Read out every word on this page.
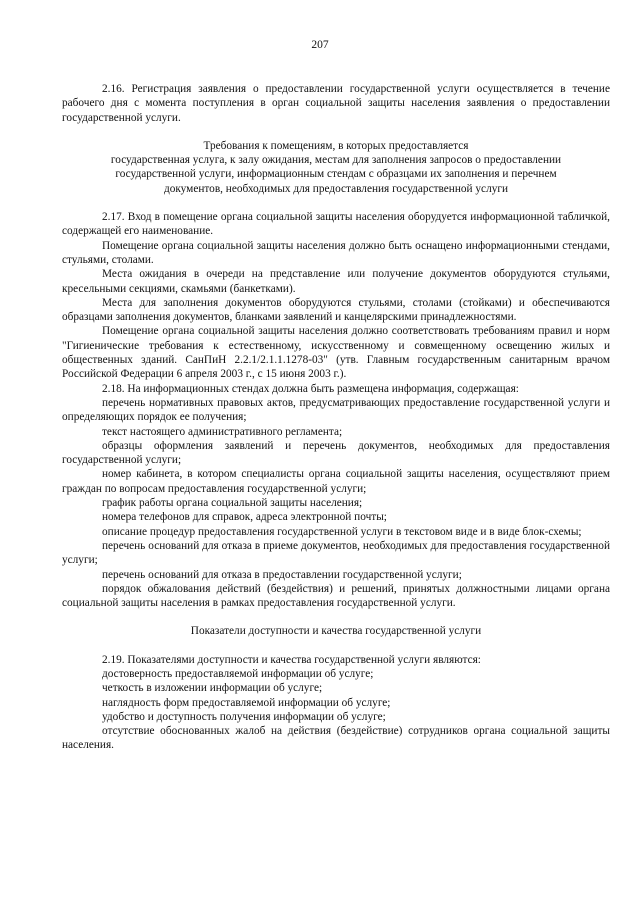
207

2.16. Регистрация заявления о предоставлении государственной услуги осуществляется в течение рабочего дня с момента поступления в орган социальной защиты населения заявления о предоставлении государственной услуги.

Требования к помещениям, в которых предоставляется
государственная услуга, к залу ожидания, местам для заполнения запросов о предоставлении
государственной услуги, информационным стендам с образцами их заполнения и перечнем
документов, необходимых для предоставления государственной услуги

2.17. Вход в помещение органа социальной защиты населения оборудуется информационной табличкой, содержащей его наименование.

Помещение органа социальной защиты населения должно быть оснащено информационными стендами, стульями, столами.

Места ожидания в очереди на представление или получение документов оборудуются стульями, кресельными секциями, скамьями (банкетками).

Места для заполнения документов оборудуются стульями, столами (стойками) и обеспечиваются образцами заполнения документов, бланками заявлений и канцелярскими принадлежностями.

Помещение органа социальной защиты населения должно соответствовать требованиям правил и норм "Гигиенические требования к естественному, искусственному и совмещенному освещению жилых и общественных зданий. СанПиН 2.2.1/2.1.1.1278-03" (утв. Главным государственным санитарным врачом Российской Федерации 6 апреля 2003 г., с 15 июня 2003 г.).

2.18. На информационных стендах должна быть размещена информация, содержащая:

перечень нормативных правовых актов, предусматривающих предоставление государственной услуги и определяющих порядок ее получения;

текст настоящего административного регламента;

образцы оформления заявлений и перечень документов, необходимых для предоставления государственной услуги;

номер кабинета, в котором специалисты органа социальной защиты населения, осуществляют прием граждан по вопросам предоставления государственной услуги;

график работы органа социальной защиты населения;

номера телефонов для справок, адреса электронной почты;

описание процедур предоставления государственной услуги в текстовом виде и в виде блок-схемы;

перечень оснований для отказа в приеме документов, необходимых для предоставления государственной услуги;

перечень оснований для отказа в предоставлении государственной услуги;

порядок обжалования действий (бездействия) и решений, принятых должностными лицами органа социальной защиты населения в рамках предоставления государственной услуги.

Показатели доступности и качества государственной услуги

2.19. Показателями доступности и качества государственной услуги являются:

достоверность предоставляемой информации об услуге;

четкость в изложении информации об услуге;

наглядность форм предоставляемой информации об услуге;

удобство и доступность получения информации об услуге;

отсутствие обоснованных жалоб на действия (бездействие) сотрудников органа социальной защиты населения.
